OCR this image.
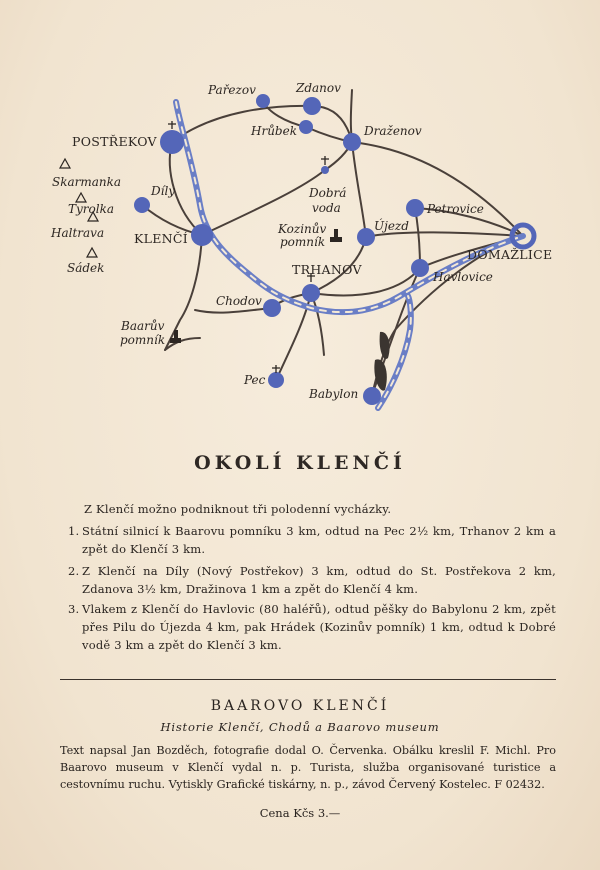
Pařezov	Zdanov
Hrůbek	Draženov
POSTŘEKOV
Skarmanka
Díly
Tyrolka
Haltrava KLENČÍ
Sádek
Dobrá
voda
Kozinův
pomník
Újezd
Petrovice
DOMAŽLICE
TRHANOV	Havlovice
Chodov
Baarův
pomník
Pec
Babylon
OKOLÍ KLENČÍ
Z Klenčí možno podniknout tři polodenní vycházky.
1. Státní silnicí k Baarovu pomníku 3 km, odtud na Pec 2½ km, Trhanov 2 km a zpět do Klenčí 3 km.
2. Z Klenčí na Díly (Nový Postřekov) 3 km, odtud do St. Postřekova 2 km, Zdanova 3½ km, Dražinova 1 km a zpět do Klenčí 4 km.
3. Vlakem z Klenčí do Havlovic (80 haléřů), odtud pěšky do Babylonu 2 km, zpět přes Pilu do Újezda 4 km, pak Hrádek (Kozinův pomník) 1 km, odtud k Dobré vodě 3 km a zpět do Klenčí 3 km.
BAAROVO KLENČÍ
Historie Klenčí, Chodů a Baarovo museum
Text napsal Jan Bozděch, fotografie dodal O. Červenka. Obálku kreslil F. Michl. Pro Baarovo museum v Klenčí vydal n. p. Turista, služba organisované turistice a cestovnímu ruchu. Vytiskly Grafické tiskárny, n. p., závod Červený Kostelec. F 02432.
Cena Kčs 3.—
